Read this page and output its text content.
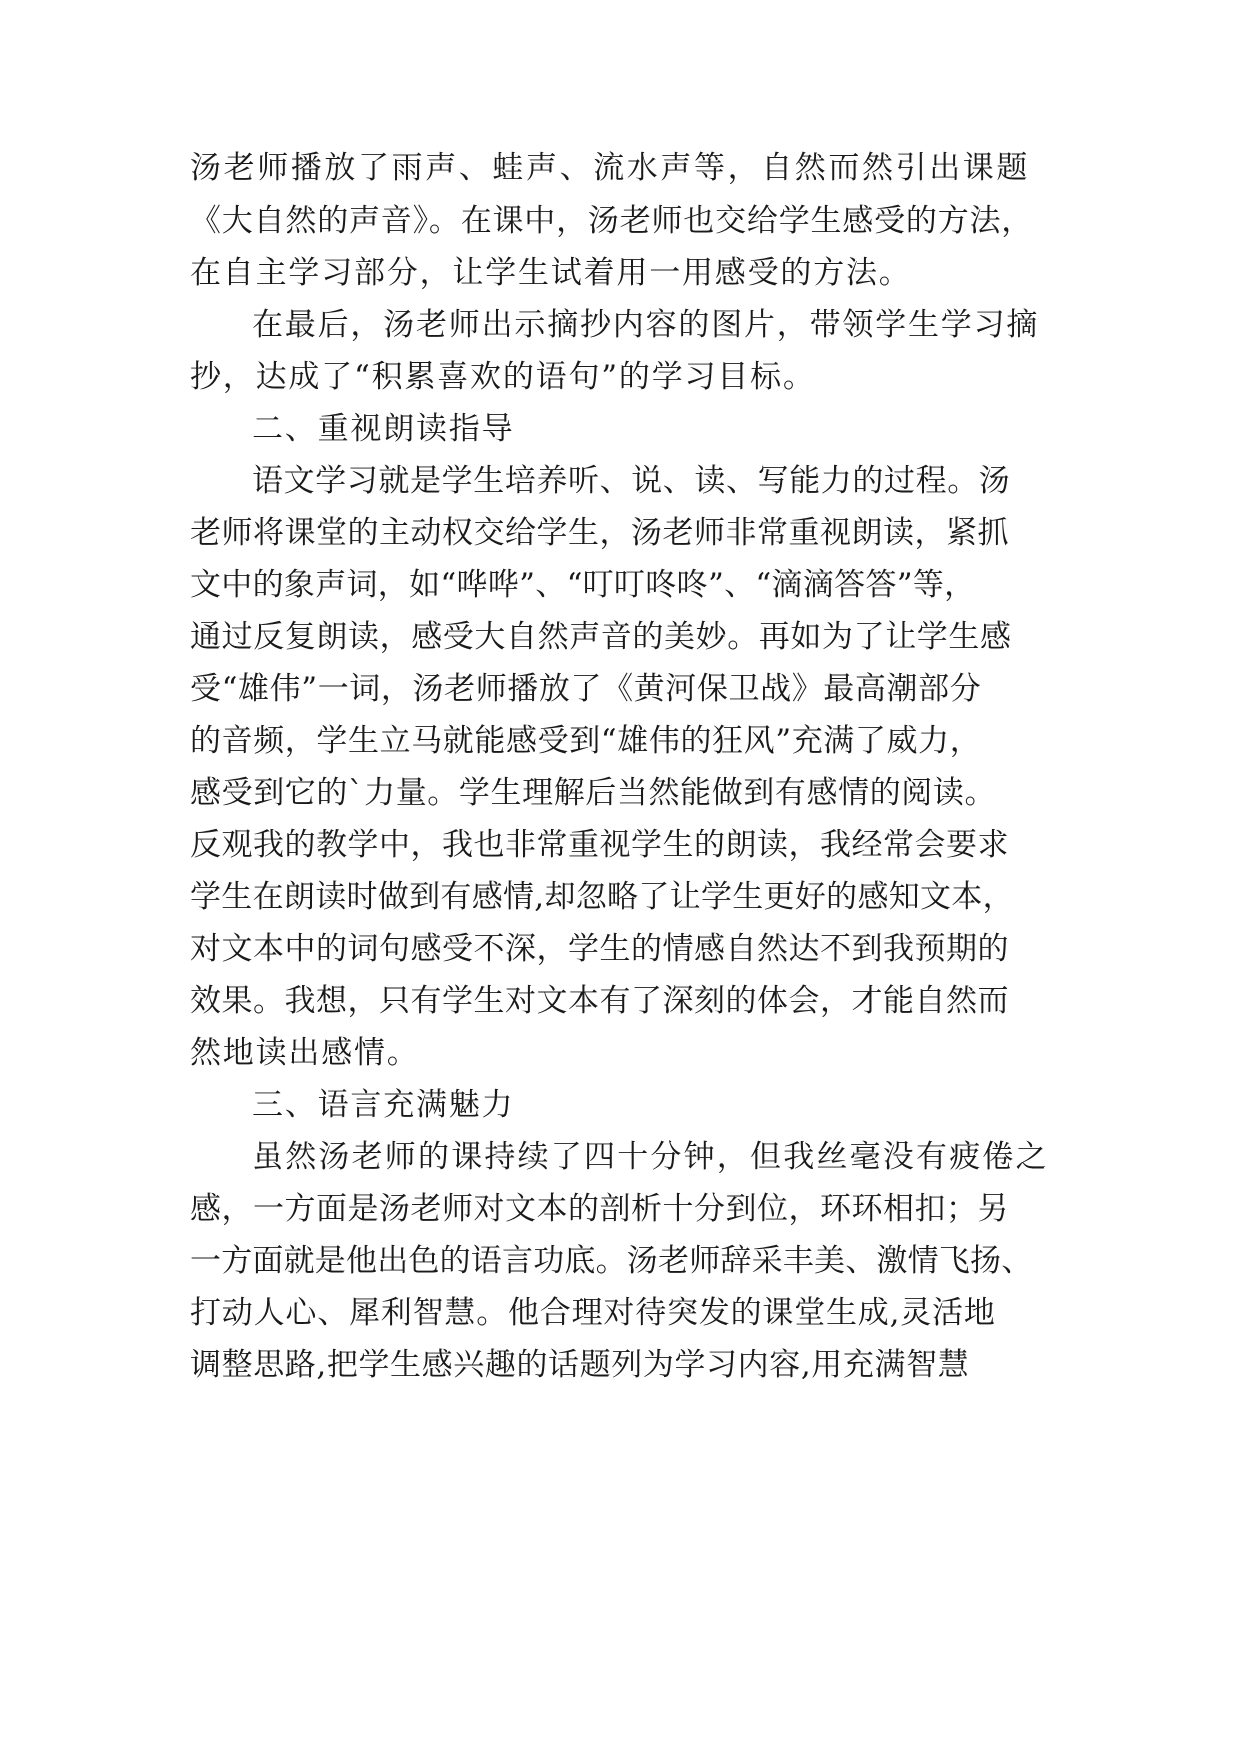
汤老师播放了雨声、蛙声、流水声等，自然而然引出课题
《大自然的声音》。在课中，汤老师也交给学生感受的方法，
在自主学习部分，让学生试着用一用感受的方法。
在最后，汤老师出示摘抄内容的图片，带领学生学习摘
抄，达成了“积累喜欢的语句”的学习目标。
二、重视朗读指导
语文学习就是学生培养听、说、读、写能力的过程。汤
老师将课堂的主动权交给学生，汤老师非常重视朗读，紧抓
文中的象声词，如“哗哗”、“叮叮咚咚”、“滴滴答答”等，
通过反复朗读，感受大自然声音的美妙。再如为了让学生感
受“雄伟”一词，汤老师播放了《黄河保卫战》最高潮部分
的音频，学生立马就能感受到“雄伟的狂风”充满了威力，
感受到它的`力量。学生理解后当然能做到有感情的阅读。
反观我的教学中，我也非常重视学生的朗读，我经常会要求
学生在朗读时做到有感情,却忽略了让学生更好的感知文本，
对文本中的词句感受不深，学生的情感自然达不到我预期的
效果。我想，只有学生对文本有了深刻的体会，才能自然而
然地读出感情。
三、语言充满魅力
虽然汤老师的课持续了四十分钟，但我丝毫没有疲倦之
感，一方面是汤老师对文本的剖析十分到位，环环相扣；另
一方面就是他出色的语言功底。汤老师辞采丰美、激情飞扬、
打动人心、犀利智慧。他合理对待突发的课堂生成,灵活地
调整思路,把学生感兴趣的话题列为学习内容,用充满智慧
